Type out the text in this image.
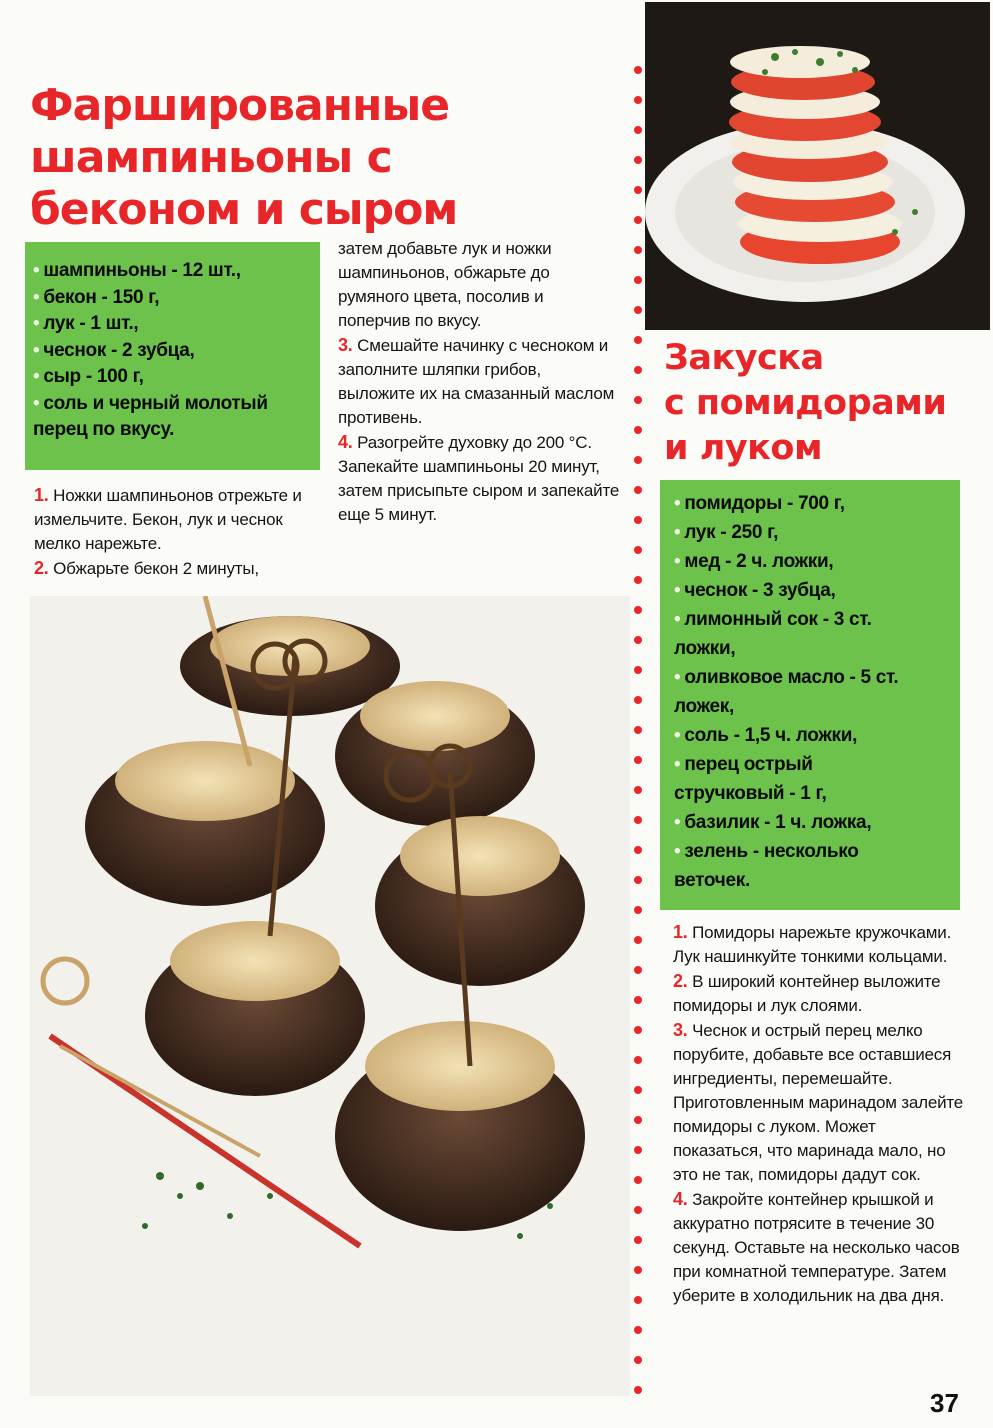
Фаршированные
шампиньоны с
беконом и сыром
• шампиньоны - 12 шт.,
• бекон - 150 г,
• лук - 1 шт.,
• чеснок - 2 зубца,
• сыр - 100 г,
• соль и черный молотый
перец по вкусу.
1. Ножки шампиньонов отрежьте и измельчите. Бекон, лук и чеснок мелко нарежьте.
2. Обжарьте бекон 2 минуты,
затем добавьте лук и ножки шампиньонов, обжарьте до румяного цвета, посолив и поперчив по вкусу.
3. Смешайте начинку с чесноком и заполните шляпки грибов, выложите их на смазанный маслом противень.
4. Разогрейте духовку до 200 °С. Запекайте шампиньоны 20 минут, затем присыпьте сыром и запекайте еще 5 минут.
Закуска
с помидорами
и луком
• помидоры - 700 г,
• лук - 250 г,
• мед - 2 ч. ложки,
• чеснок - 3 зубца,
• лимонный сок - 3 ст.
ложки,
• оливковое масло - 5 ст.
ложек,
• соль - 1,5 ч. ложки,
• перец острый
стручковый - 1 г,
• базилик - 1 ч. ложка,
• зелень - несколько
веточек.
1. Помидоры нарежьте кружочками. Лук нашинкуйте тонкими кольцами.
2. В широкий контейнер выложите помидоры и лук слоями.
3. Чеснок и острый перец мелко порубите, добавьте все оставшиеся ингредиенты, перемешайте. Приготовленным маринадом залейте помидоры с луком. Может показаться, что маринада мало, но это не так, помидоры дадут сок.
4. Закройте контейнер крышкой и аккуратно потрясите в течение 30 секунд. Оставьте на несколько часов при комнатной температуре. Затем уберите в холодильник на два дня.
37
